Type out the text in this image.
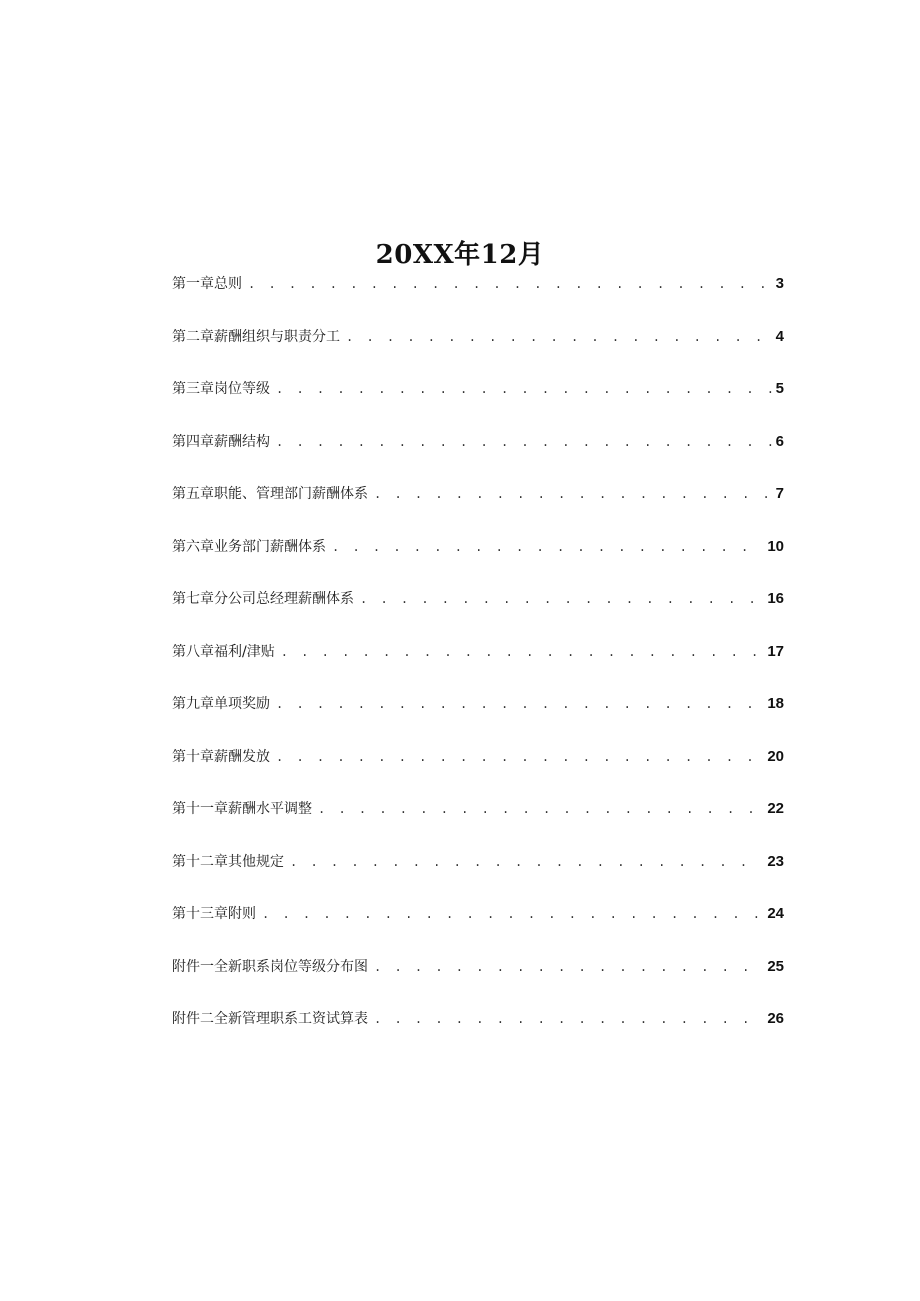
20XX年12月
第一章总则 . . .	3
第二章薪酬组织与职责分工 . . .	4
第三章岗位等级 . . .	5
第四章薪酬结构 . . .	6
第五章职能、管理部门薪酬体系 . . .	7
第六章业务部门薪酬体系 . . .	10
第七章分公司总经理薪酬体系 . . .	16
第八章福利/津贴 . . .	17
第九章单项奖励 . . .	18
第十章薪酬发放 . . .	20
第十一章薪酬水平调整 . . .	22
第十二章其他规定 . . .	23
第十三章附则 . . .	24
附件一全新职系岗位等级分布图 . . .	25
附件二全新管理职系工资试算表 . . .	26
